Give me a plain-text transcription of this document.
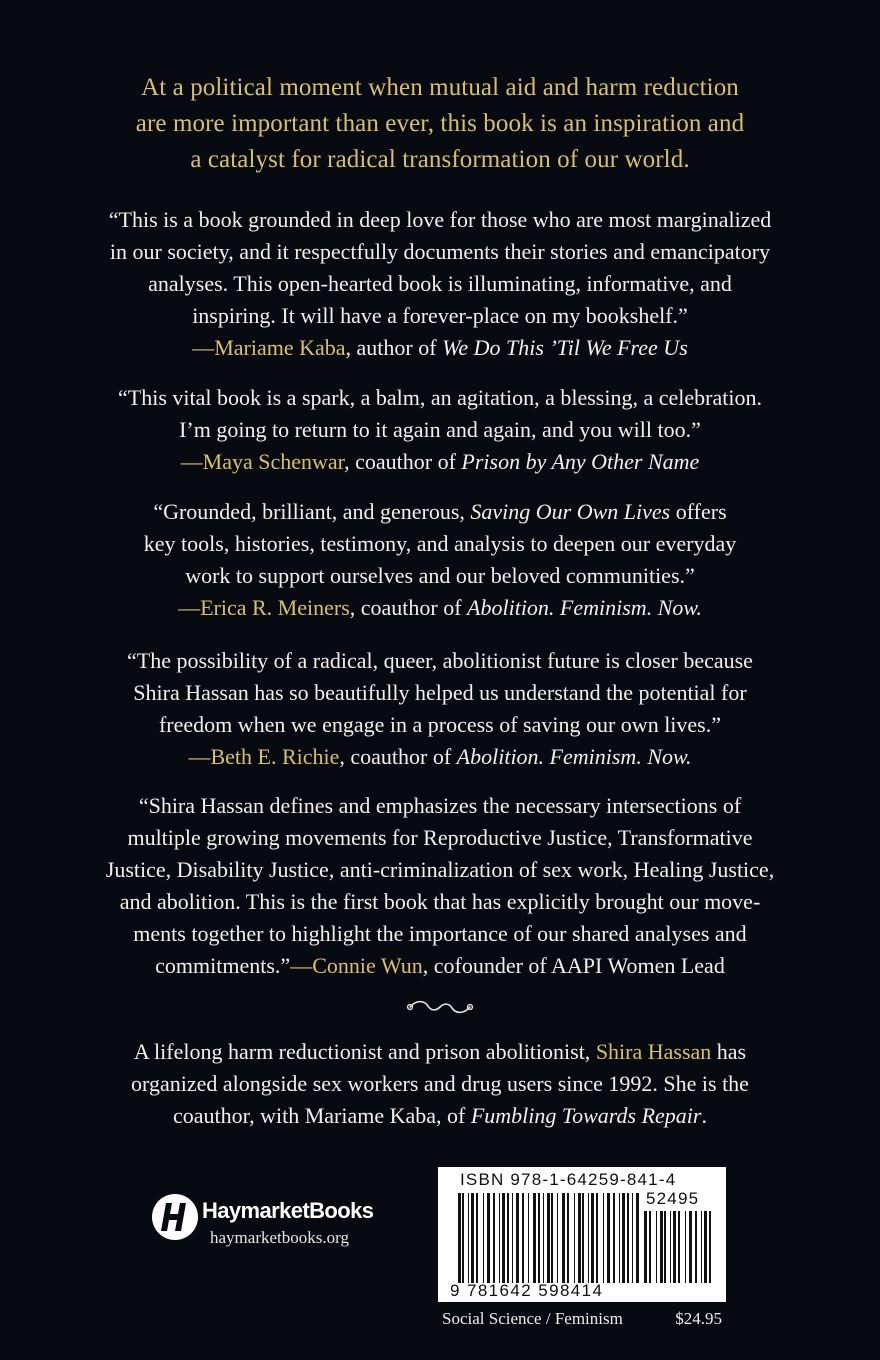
At a political moment when mutual aid and harm reduction
are more important than ever, this book is an inspiration and
a catalyst for radical transformation of our world.
“This is a book grounded in deep love for those who are most marginalized
in our society, and it respectfully documents their stories and emancipatory
analyses. This open-hearted book is illuminating, informative, and
inspiring. It will have a forever-place on my bookshelf.”
—Mariame Kaba, author of We Do This ’Til We Free Us
“This vital book is a spark, a balm, an agitation, a blessing, a celebration.
I’m going to return to it again and again, and you will too.”
—Maya Schenwar, coauthor of Prison by Any Other Name
“Grounded, brilliant, and generous, Saving Our Own Lives offers
key tools, histories, testimony, and analysis to deepen our everyday
work to support ourselves and our beloved communities.”
—Erica R. Meiners, coauthor of Abolition. Feminism. Now.
“The possibility of a radical, queer, abolitionist future is closer because
Shira Hassan has so beautifully helped us understand the potential for
freedom when we engage in a process of saving our own lives.”
—Beth E. Richie, coauthor of Abolition. Feminism. Now.
“Shira Hassan defines and emphasizes the necessary intersections of
multiple growing movements for Reproductive Justice, Transformative
Justice, Disability Justice, anti-criminalization of sex work, Healing Justice,
and abolition. This is the first book that has explicitly brought our move-
ments together to highlight the importance of our shared analyses and
commitments.”—Connie Wun, cofounder of AAPI Women Lead
A lifelong harm reductionist and prison abolitionist, Shira Hassan has
organized alongside sex workers and drug users since 1992. She is the
coauthor, with Mariame Kaba, of Fumbling Towards Repair.
HaymarketBooks
haymarketbooks.org
ISBN 978-1-64259-841-4
52495
9 781642 598414
Social Science / Feminism	$24.95
